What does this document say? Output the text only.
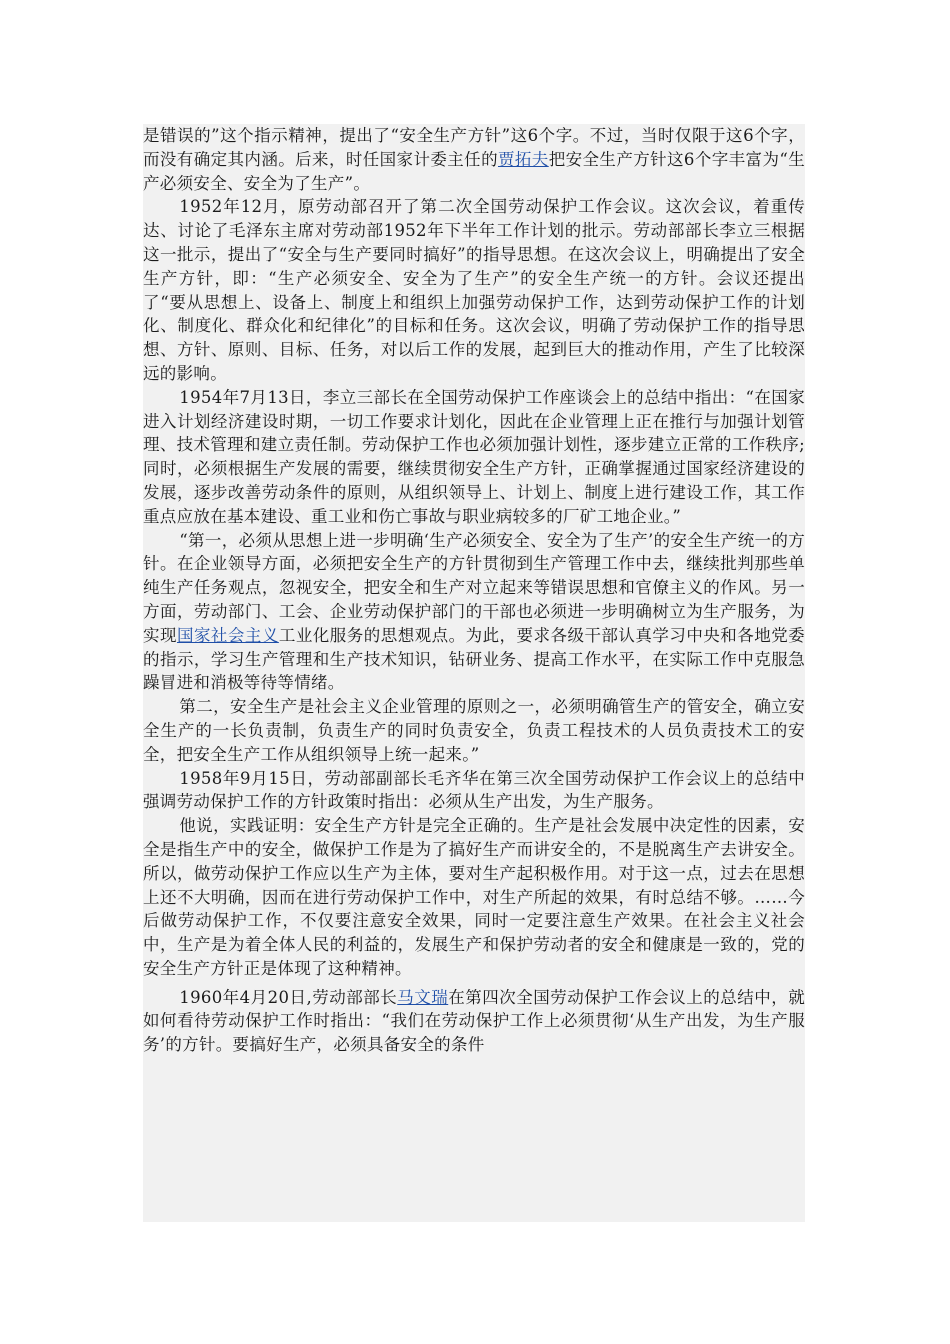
是错误的”这个指示精神，提出了“安全生产方针”这6个字。不过，当时仅限于这6个字，而没有确定其内涵。后来，时任国家计委主任的贾拓夫把安全生产方针这6个字丰富为“生产必须安全、安全为了生产”。

1952年12月，原劳动部召开了第二次全国劳动保护工作会议。这次会议，着重传达、讨论了毛泽东主席对劳动部1952年下半年工作计划的批示。劳动部部长李立三根据这一批示，提出了“安全与生产要同时搞好”的指导思想。在这次会议上，明确提出了安全生产方针，即：“生产必须安全、安全为了生产”的安全生产统一的方针。会议还提出了“要从思想上、设备上、制度上和组织上加强劳动保护工作，达到劳动保护工作的计划化、制度化、群众化和纪律化”的目标和任务。这次会议，明确了劳动保护工作的指导思想、方针、原则、目标、任务，对以后工作的发展，起到巨大的推动作用，产生了比较深远的影响。

1954年7月13日，李立三部长在全国劳动保护工作座谈会上的总结中指出：“在国家进入计划经济建设时期，一切工作要求计划化，因此在企业管理上正在推行与加强计划管理、技术管理和建立责任制。劳动保护工作也必须加强计划性，逐步建立正常的工作秩序;同时，必须根据生产发展的需要，继续贯彻安全生产方针，正确掌握通过国家经济建设的发展，逐步改善劳动条件的原则，从组织领导上、计划上、制度上进行建设工作，其工作重点应放在基本建设、重工业和伤亡事故与职业病较多的厂矿工地企业。”

“第一，必须从思想上进一步明确‘生产必须安全、安全为了生产’的安全生产统一的方针。在企业领导方面，必须把安全生产的方针贯彻到生产管理工作中去，继续批判那些单纯生产任务观点，忽视安全，把安全和生产对立起来等错误思想和官僚主义的作风。另一方面，劳动部门、工会、企业劳动保护部门的干部也必须进一步明确树立为生产服务，为实现国家社会主义工业化服务的思想观点。为此，要求各级干部认真学习中央和各地党委的指示，学习生产管理和生产技术知识，钻研业务、提高工作水平，在实际工作中克服急躁冒进和消极等待等情绪。

第二，安全生产是社会主义企业管理的原则之一，必须明确管生产的管安全，确立安全生产的一长负责制，负责生产的同时负责安全，负责工程技术的人员负责技术工的安全，把安全生产工作从组织领导上统一起来。”

1958年9月15日，劳动部副部长毛齐华在第三次全国劳动保护工作会议上的总结中强调劳动保护工作的方针政策时指出：必须从生产出发，为生产服务。

他说，实践证明：安全生产方针是完全正确的。生产是社会发展中决定性的因素，安全是指生产中的安全，做保护工作是为了搞好生产而讲安全的，不是脱离生产去讲安全。所以，做劳动保护工作应以生产为主体，要对生产起积极作用。对于这一点，过去在思想上还不大明确，因而在进行劳动保护工作中，对生产所起的效果，有时总结不够。……今后做劳动保护工作，不仅要注意安全效果，同时一定要注意生产效果。在社会主义社会中，生产是为着全体人民的利益的，发展生产和保护劳动者的安全和健康是一致的，党的安全生产方针正是体现了这种精神。

1960年4月20日,劳动部部长马文瑞在第四次全国劳动保护工作会议上的总结中，就如何看待劳动保护工作时指出：“我们在劳动保护工作上必须贯彻‘从生产出发，为生产服务’的方针。要搞好生产，必须具备安全的条件
